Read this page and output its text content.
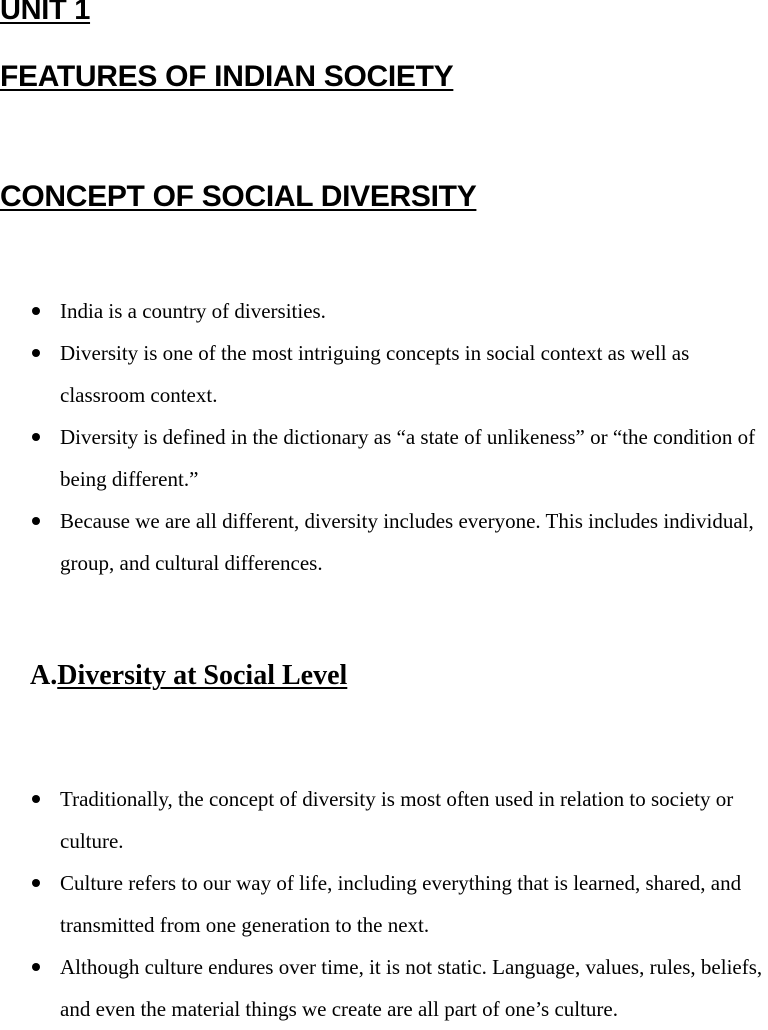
UNIT 1
FEATURES OF INDIAN SOCIETY
CONCEPT OF SOCIAL DIVERSITY
India is a country of diversities.
Diversity is one of the most intriguing concepts in social context as well as classroom context.
Diversity is defined in the dictionary as “a state of unlikeness” or “the condition of being different.”
Because we are all different, diversity includes everyone. This includes individual, group, and cultural differences.
A.Diversity at Social Level
Traditionally, the concept of diversity is most often used in relation to society or culture.
Culture refers to our way of life, including everything that is learned, shared, and transmitted from one generation to the next.
Although culture endures over time, it is not static. Language, values, rules, beliefs, and even the material things we create are all part of one’s culture.
